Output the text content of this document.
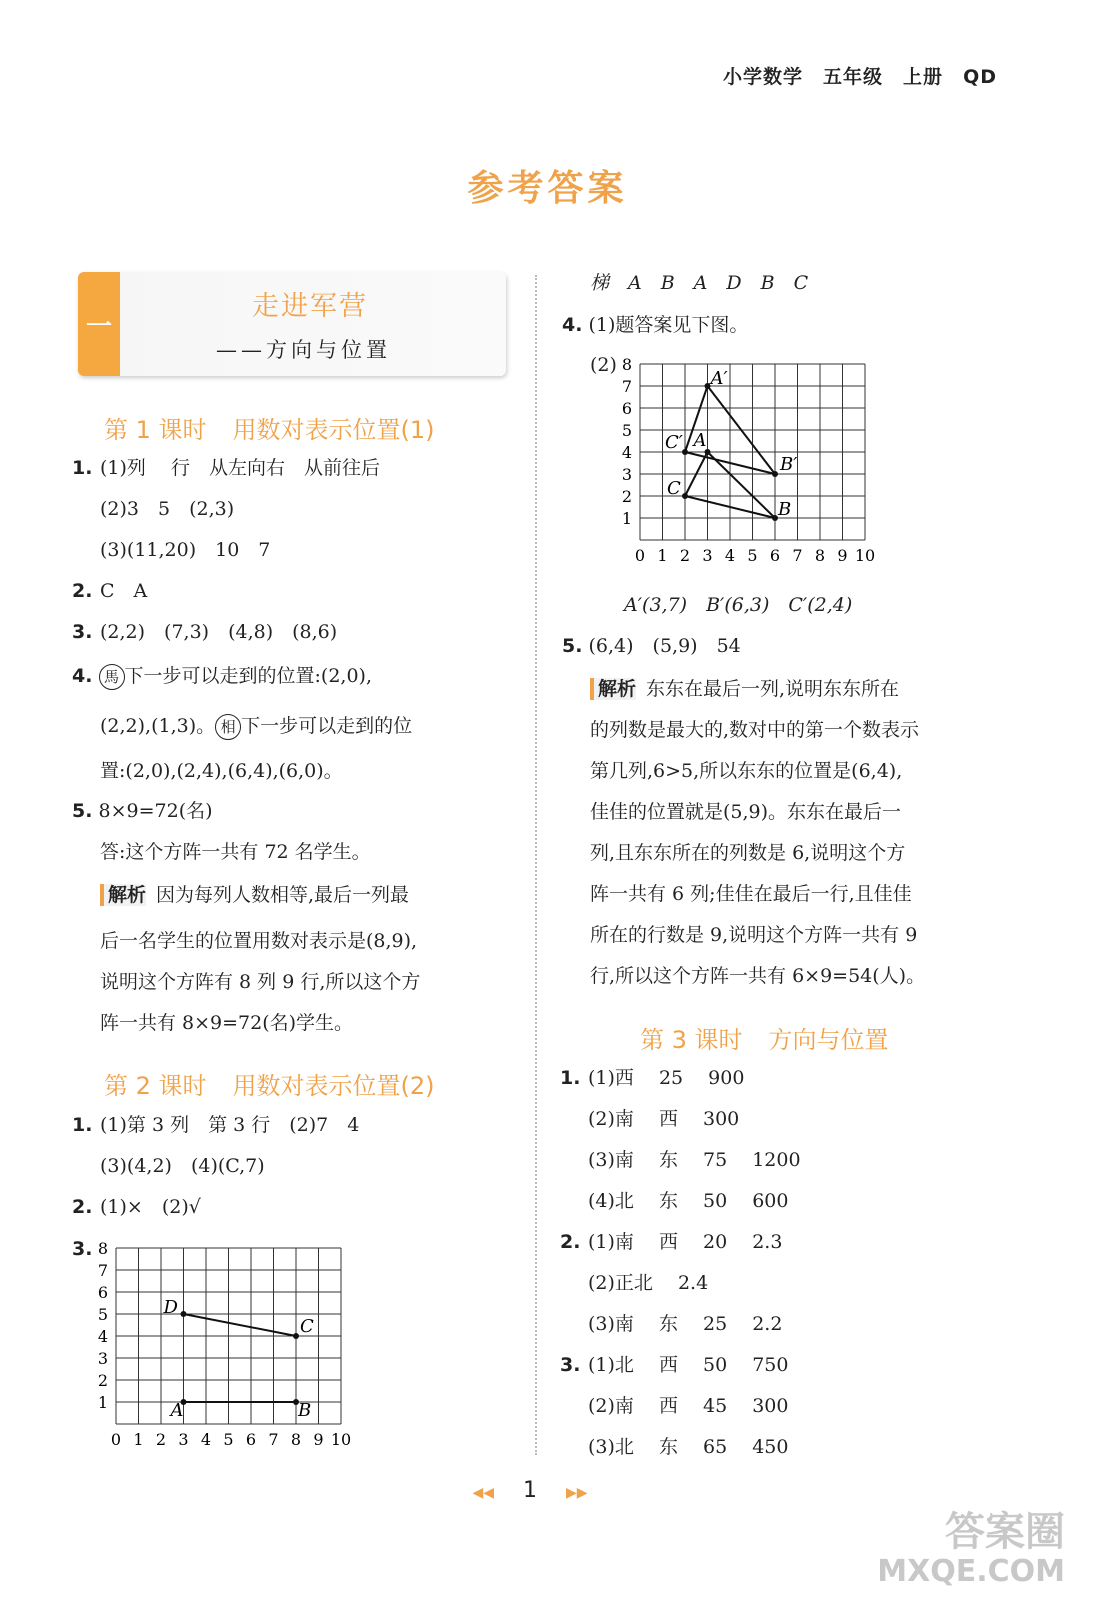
小学数学 五年级 上册 QD
参考答案
一
走进军营
——方向与位置
第 1 课时 用数对表示位置(1)
1. (1)列　 行　从左向右　从前往后
(2)3　5　(2,3)
(3)(11,20)　10　7
2. C　A
3. (2,2)　(7,3)　(4,8)　(8,6)
4. 馬 下一步可以走到的位置:(2,0),
(2,2),(1,3)。 相 下一步可以走到的位
置:(2,0),(2,4),(6,4),(6,0)。
5. 8×9=72(名)
答:这个方阵一共有 72 名学生。
解析 因为每列人数相等,最后一列最
后一名学生的位置用数对表示是(8,9),
说明这个方阵有 8 列 9 行,所以这个方
阵一共有 8×9=72(名)学生。
第 2 课时 用数对表示位置(2)
1. (1)第 3 列　第 3 行　(2)7　4
(3)(4,2)　(4)(C,7)
2. (1)×　(2)√
3.
0 1 2 3 4 5 6 7 8 9 10
1
2
3
4
5
6
7
8
A	B
C
D
梯　A　B　A　D　B　C
4. (1)题答案见下图。
(2)
0 1 2 3 4 5 6 7 8 9 10
1
2
3
4
5
6
7
8
A
B
C
A′
B′
C′
A′(3,7)　B′(6,3)　C′(2,4)
5. (6,4)　(5,9)　54
解析 东东在最后一列,说明东东所在
的列数是最大的,数对中的第一个数表示
第几列,6>5,所以东东的位置是(6,4),
佳佳的位置就是(5,9)。东东在最后一
列,且东东所在的列数是 6,说明这个方
阵一共有 6 列;佳佳在最后一行,且佳佳
所在的行数是 9,说明这个方阵一共有 9
行,所以这个方阵一共有 6×9=54(人)。
第 3 课时 方向与位置
1. (1)西　 25　 900
(2)南　 西　 300
(3)南　 东　 75　 1200
(4)北　 东　 50　 600
2. (1)南　 西　 20　 2.3
(2)正北　 2.4
(3)南　 东　 25　 2.2
3. (1)北　 西　 50　 750
(2)南　 西　 45　 300
(3)北　 东　 65　 450
◀◀ 1 ▶▶
答案圈
MXQE.COM
